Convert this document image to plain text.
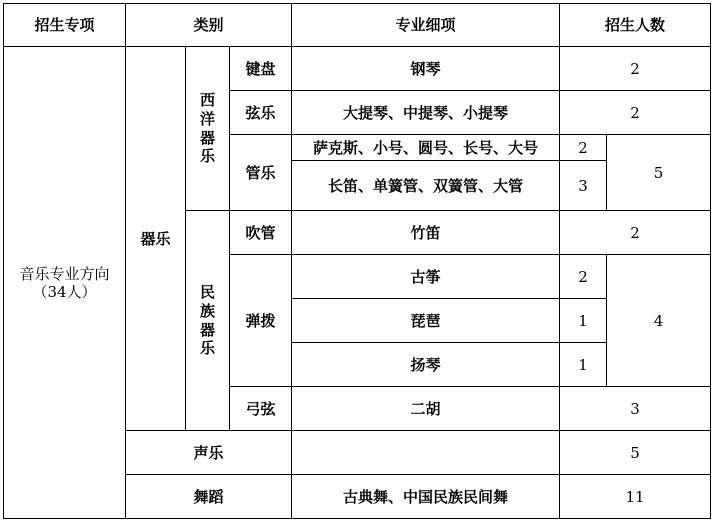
招生专项	类别			专业细项	招生人数	

音乐专业方向
（34人）	器乐	西洋器乐	键盘	钢琴	2	
			弦乐	大提琴、中提琴、小提琴	2	
			管乐	萨克斯、小号、圆号、长号、大号	2	5
				长笛、单簧管、双簧管、大管	3	

		民族器乐	吹管	竹笛	2	
			弹拨	古筝	2	4
				琵琶	1	
				扬琴	1	
			弓弦	二胡	3	
	声乐				5	
	舞蹈			古典舞、中国民族民间舞	11	
